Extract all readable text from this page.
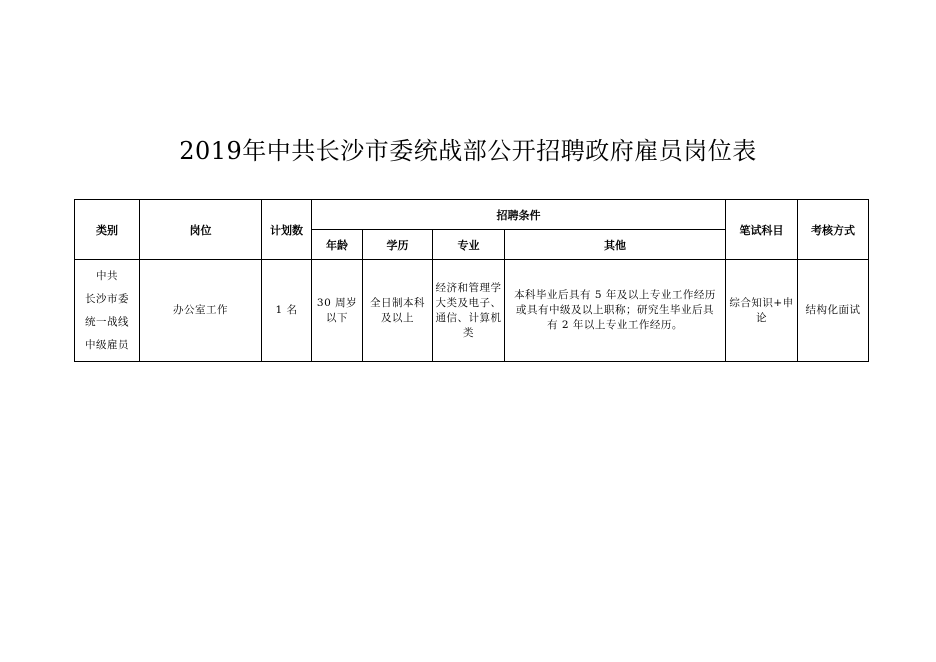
2019年中共长沙市委统战部公开招聘政府雇员岗位表
类别	岗位	计划数	招聘条件				笔试科目	考核方式
			年龄	学历	专业	其他		

中共
长沙市委
统一战线
中级雇员	办公室工作	1 名	30 周岁以下	全日制本科及以上	经济和管理学大类及电子、通信、计算机类	本科毕业后具有 5 年及以上专业工作经历或具有中级及以上职称；研究生毕业后具有 2 年以上专业工作经历。	综合知识+申论	结构化面试
